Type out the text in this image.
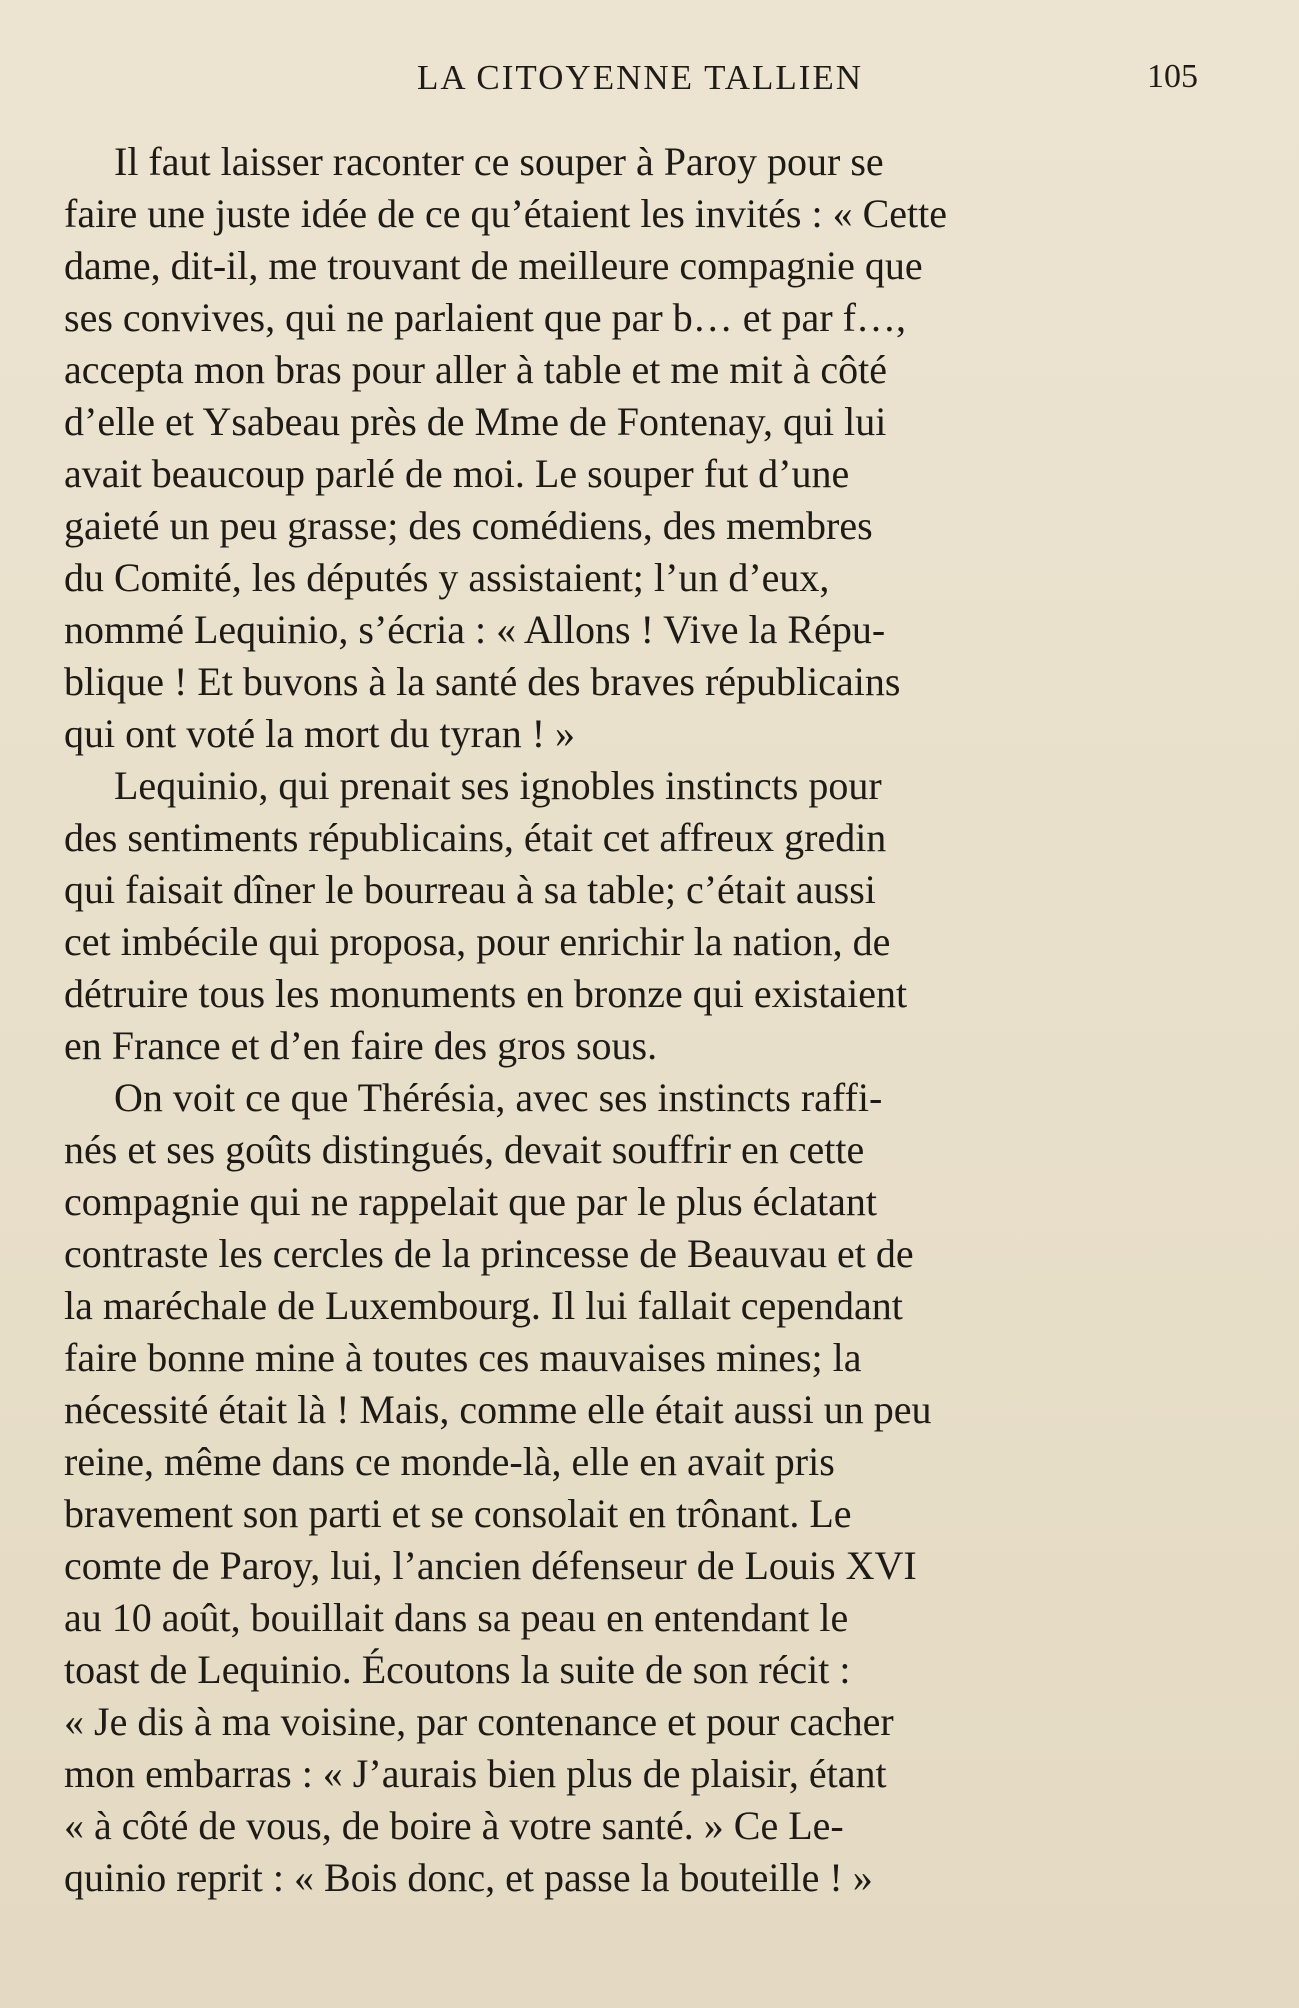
LA CITOYENNE TALLIEN	105
Il faut laisser raconter ce souper à Paroy pour se
faire une juste idée de ce qu’étaient les invités : « Cette
dame, dit-il, me trouvant de meilleure compagnie que
ses convives, qui ne parlaient que par b… et par f…,
accepta mon bras pour aller à table et me mit à côté
d’elle et Ysabeau près de Mme de Fontenay, qui lui
avait beaucoup parlé de moi. Le souper fut d’une
gaieté un peu grasse; des comédiens, des membres
du Comité, les députés y assistaient; l’un d’eux,
nommé Lequinio, s’écria : « Allons ! Vive la Répu-
blique ! Et buvons à la santé des braves républicains
qui ont voté la mort du tyran ! »
Lequinio, qui prenait ses ignobles instincts pour
des sentiments républicains, était cet affreux gredin
qui faisait dîner le bourreau à sa table; c’était aussi
cet imbécile qui proposa, pour enrichir la nation, de
détruire tous les monuments en bronze qui existaient
en France et d’en faire des gros sous.
On voit ce que Thérésia, avec ses instincts raffi-
nés et ses goûts distingués, devait souffrir en cette
compagnie qui ne rappelait que par le plus éclatant
contraste les cercles de la princesse de Beauvau et de
la maréchale de Luxembourg. Il lui fallait cependant
faire bonne mine à toutes ces mauvaises mines; la
nécessité était là ! Mais, comme elle était aussi un peu
reine, même dans ce monde-là, elle en avait pris
bravement son parti et se consolait en trônant. Le
comte de Paroy, lui, l’ancien défenseur de Louis XVI
au 10 août, bouillait dans sa peau en entendant le
toast de Lequinio. Écoutons la suite de son récit :
« Je dis à ma voisine, par contenance et pour cacher
mon embarras : « J’aurais bien plus de plaisir, étant
« à côté de vous, de boire à votre santé. » Ce Le-
quinio reprit : « Bois donc, et passe la bouteille ! »
